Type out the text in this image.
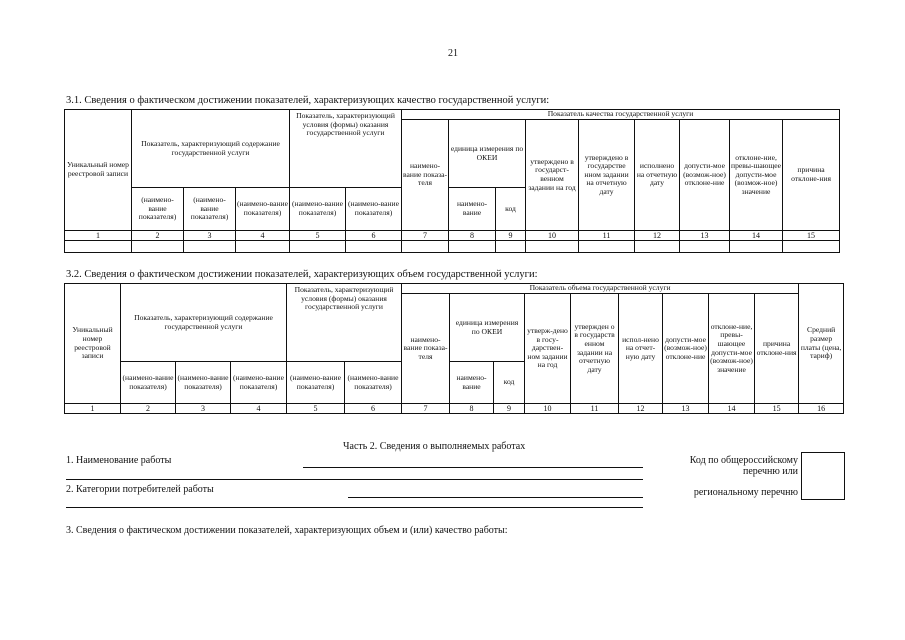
21
3.1. Сведения о фактическом достижении показателей, характеризующих качество государственной услуги:
Уникальный номер реестровой записи	Показатель, характеризующий содержание государственной услуги			Показатель, характеризующий условия (формы) оказания государственной услуги		Показатель качества государственной услуги								
						наимено-вание показа-теля	единица измерения по ОКЕИ		утверждено в государст-венном задании на год	утверждено в государстве нном задании на отчетную дату	исполнено на отчетную дату	допусти-мое (возмож-ное) отклоне-ние	отклоне-ние, превы-шающее допусти-мое (возмож-ное) значение	причина отклоне-ния
	(наимено-вание показателя)	(наимено-вание показателя)	(наимено-вание показателя)	(наимено-вание показателя)	(наимено-вание показателя)		наимено-вание	код						
1	2	3	4	5	6	7	8	9	10	11	12	13	14	15

3.2. Сведения о фактическом достижении показателей, характеризующих объем государственной услуги:
Уникальный номер реестровой записи	Показатель, характеризующий содержание государственной услуги			Показатель, характеризующий условия (формы) оказания государственной услуги		Показатель объема государственной услуги									Средний размер платы (цена, тариф)
						наимено-вание показа-теля	единица измерения по ОКЕИ		утверж-дено в госу-дарствен-ном задании на год	утвержден о в государств енном задании на отчетную дату	испол-нено на отчет-ную дату	допусти-мое (возмож-ное) отклоне-ние	отклоне-ние, превы-шающее допусти-мое (возмож-ное) значение	причина отклоне-ния	
	(наимено-вание показателя)	(наимено-вание показателя)	(наимено-вание показателя)	(наимено-вание показателя)	(наимено-вание показателя)		наимено-вание	код							
1	2	3	4	5	6	7	8	9	10	11	12	13	14	15	16
Часть 2. Сведения о выполняемых работах
1. Наименование работы
2. Категории потребителей работы
Код по общероссийскому
перечню или
региональному перечню
3. Сведения о фактическом достижении показателей, характеризующих объем и (или) качество работы:
